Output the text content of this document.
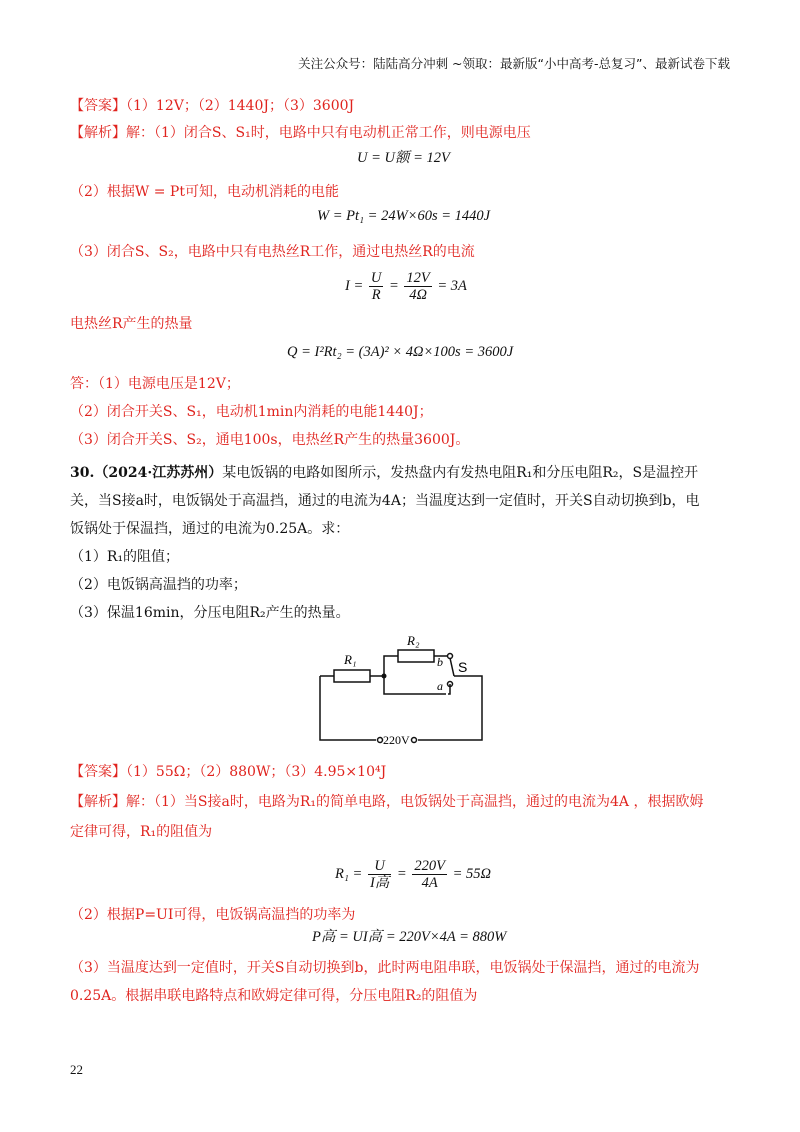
关注公众号：陆陆高分冲刺 ~领取：最新版“小中高考-总复习”、最新试卷下载
【答案】（1）12V；（2）1440J；（3）3600J
【解析】解：（1）闭合S、S₁时，电路中只有电动机正常工作，则电源电压
U = U额 = 12V
（2）根据W = Pt可知，电动机消耗的电能
W = Pt₁ = 24W×60s = 1440J
（3）闭合S、S₂，电路中只有电热丝R工作，通过电热丝R的电流
$I = \frac{U}{R} = \frac{12V}{4\Omega} = 3A$
电热丝R产生的热量
Q = I²Rt₂ = (3A)² × 4Ω×100s = 3600J
答：（1）电源电压是12V；
（2）闭合开关S、S₁，电动机1min内消耗的电能1440J；
（3）闭合开关S、S₂，通电100s，电热丝R产生的热量3600J。
30.（2024·江苏苏州）某电饭锅的电路如图所示，发热盘内有发热电阻R₁和分压电阻R₂，S是温控开
关，当S接a时，电饭锅处于高温挡，通过的电流为4A；当温度达到一定值时，开关S自动切换到b，电
饭锅处于保温挡，通过的电流为0.25A。求：
（1）R₁的阻值；
（2）电饭锅高温挡的功率；
（3）保温16min，分压电阻R₂产生的热量。
R₁
R₂
S
b
a
220V
【答案】（1）55Ω；（2）880W；（3）4.95×10⁴J
【解析】解：（1）当S接a时，电路为R₁的简单电路，电饭锅处于高温挡，通过的电流为4A ，根据欧姆
定律可得，R₁的阻值为
$R_1 = \frac{U}{\text{I高}} = \frac{220V}{4A} = 55\Omega$
（2）根据P=UI可得，电饭锅高温挡的功率为
P高 = UI高 = 220V×4A = 880W
（3）当温度达到一定值时，开关S自动切换到b，此时两电阻串联，电饭锅处于保温挡，通过的电流为
0.25A。根据串联电路特点和欧姆定律可得，分压电阻R₂的阻值为
22
